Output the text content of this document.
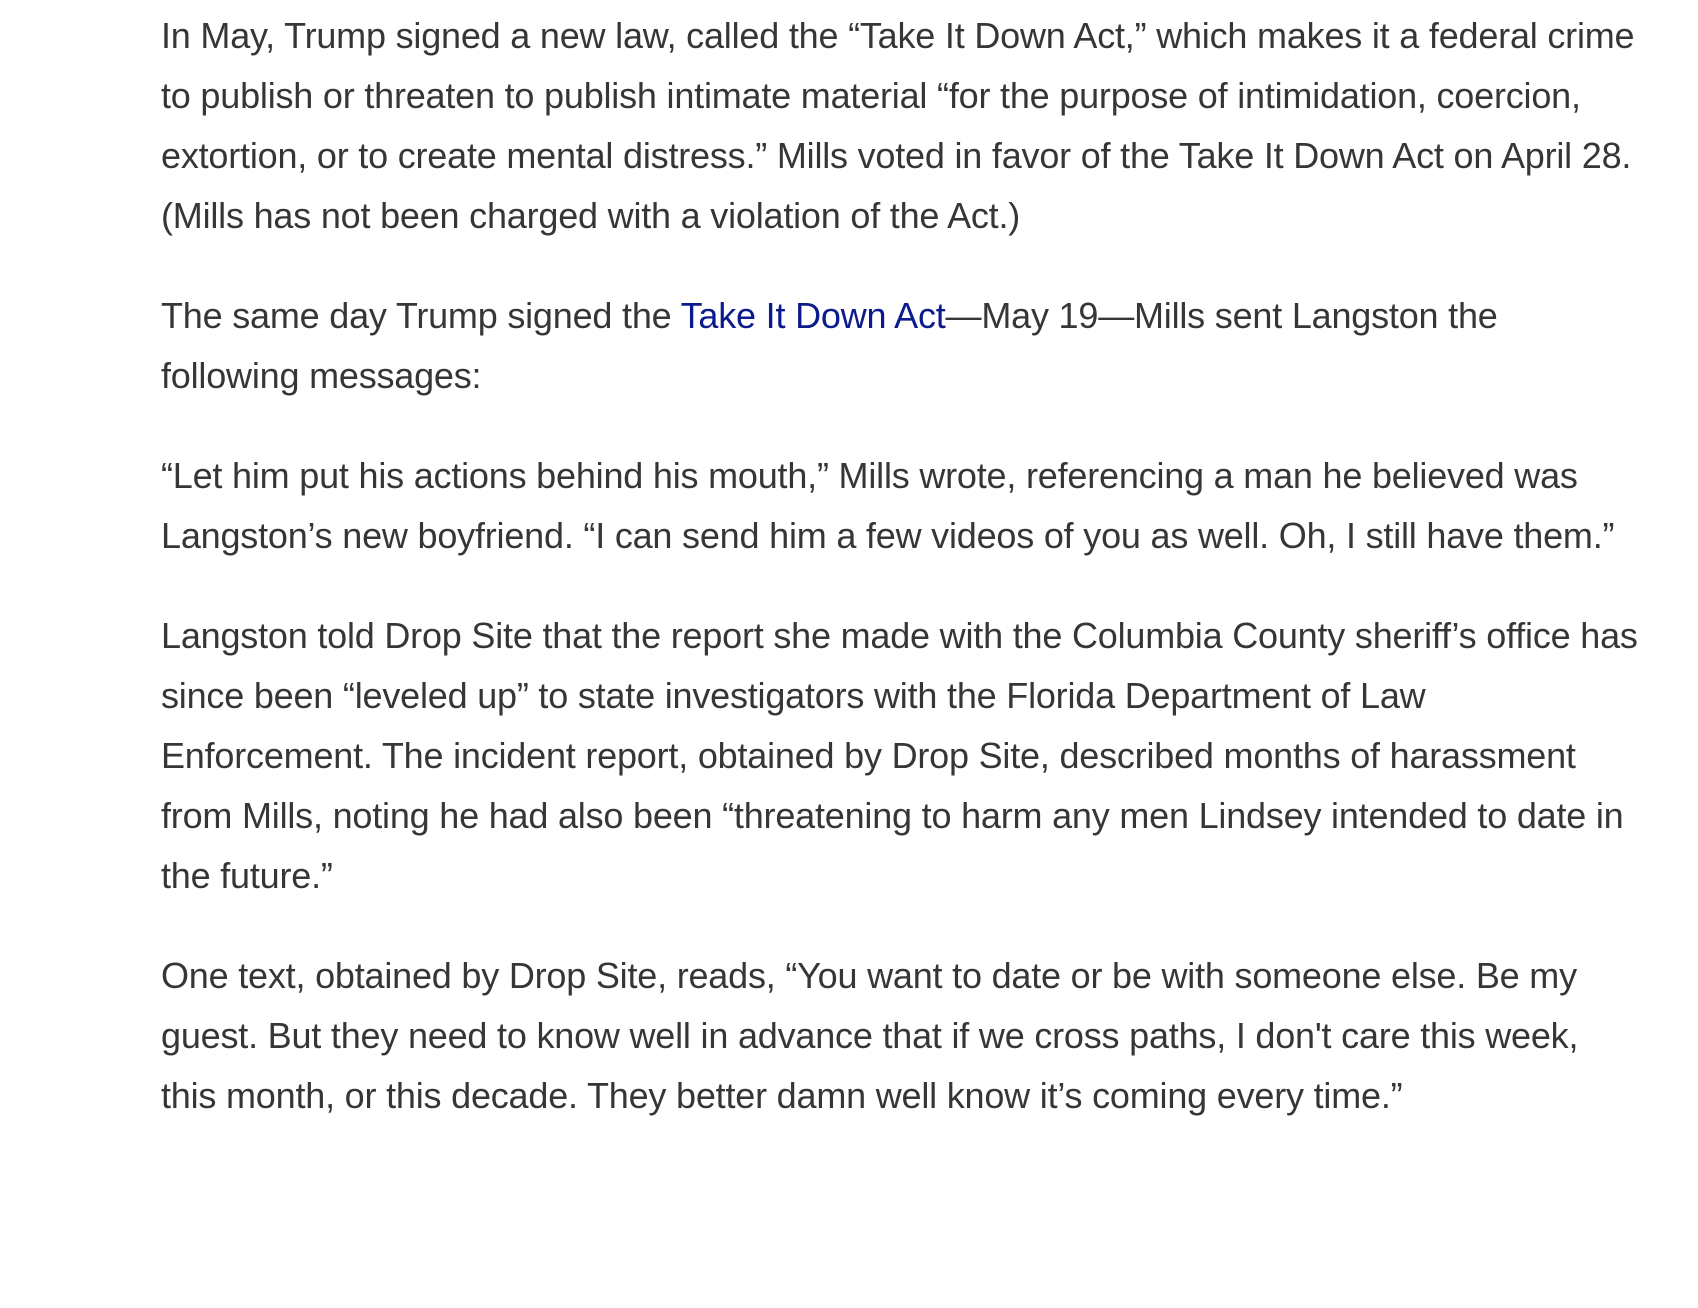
In May, Trump signed a new law, called the “Take It Down Act,” which makes it a federal crime to publish or threaten to publish intimate material “for the purpose of intimidation, coercion, extortion, or to create mental distress.” Mills voted in favor of the Take It Down Act on April 28. (Mills has not been charged with a violation of the Act.)

The same day Trump signed the Take It Down Act—May 19—Mills sent Langston the following messages:

“Let him put his actions behind his mouth,” Mills wrote, referencing a man he believed was Langston’s new boyfriend. “I can send him a few videos of you as well. Oh, I still have them.”

Langston told Drop Site that the report she made with the Columbia County sheriff’s office has since been “leveled up” to state investigators with the Florida Department of Law Enforcement. The incident report, obtained by Drop Site, described months of harassment from Mills, noting he had also been “threatening to harm any men Lindsey intended to date in the future.”

One text, obtained by Drop Site, reads, “You want to date or be with someone else. Be my guest. But they need to know well in advance that if we cross paths, I don't care this week, this month, or this decade. They better damn well know it’s coming every time.”
